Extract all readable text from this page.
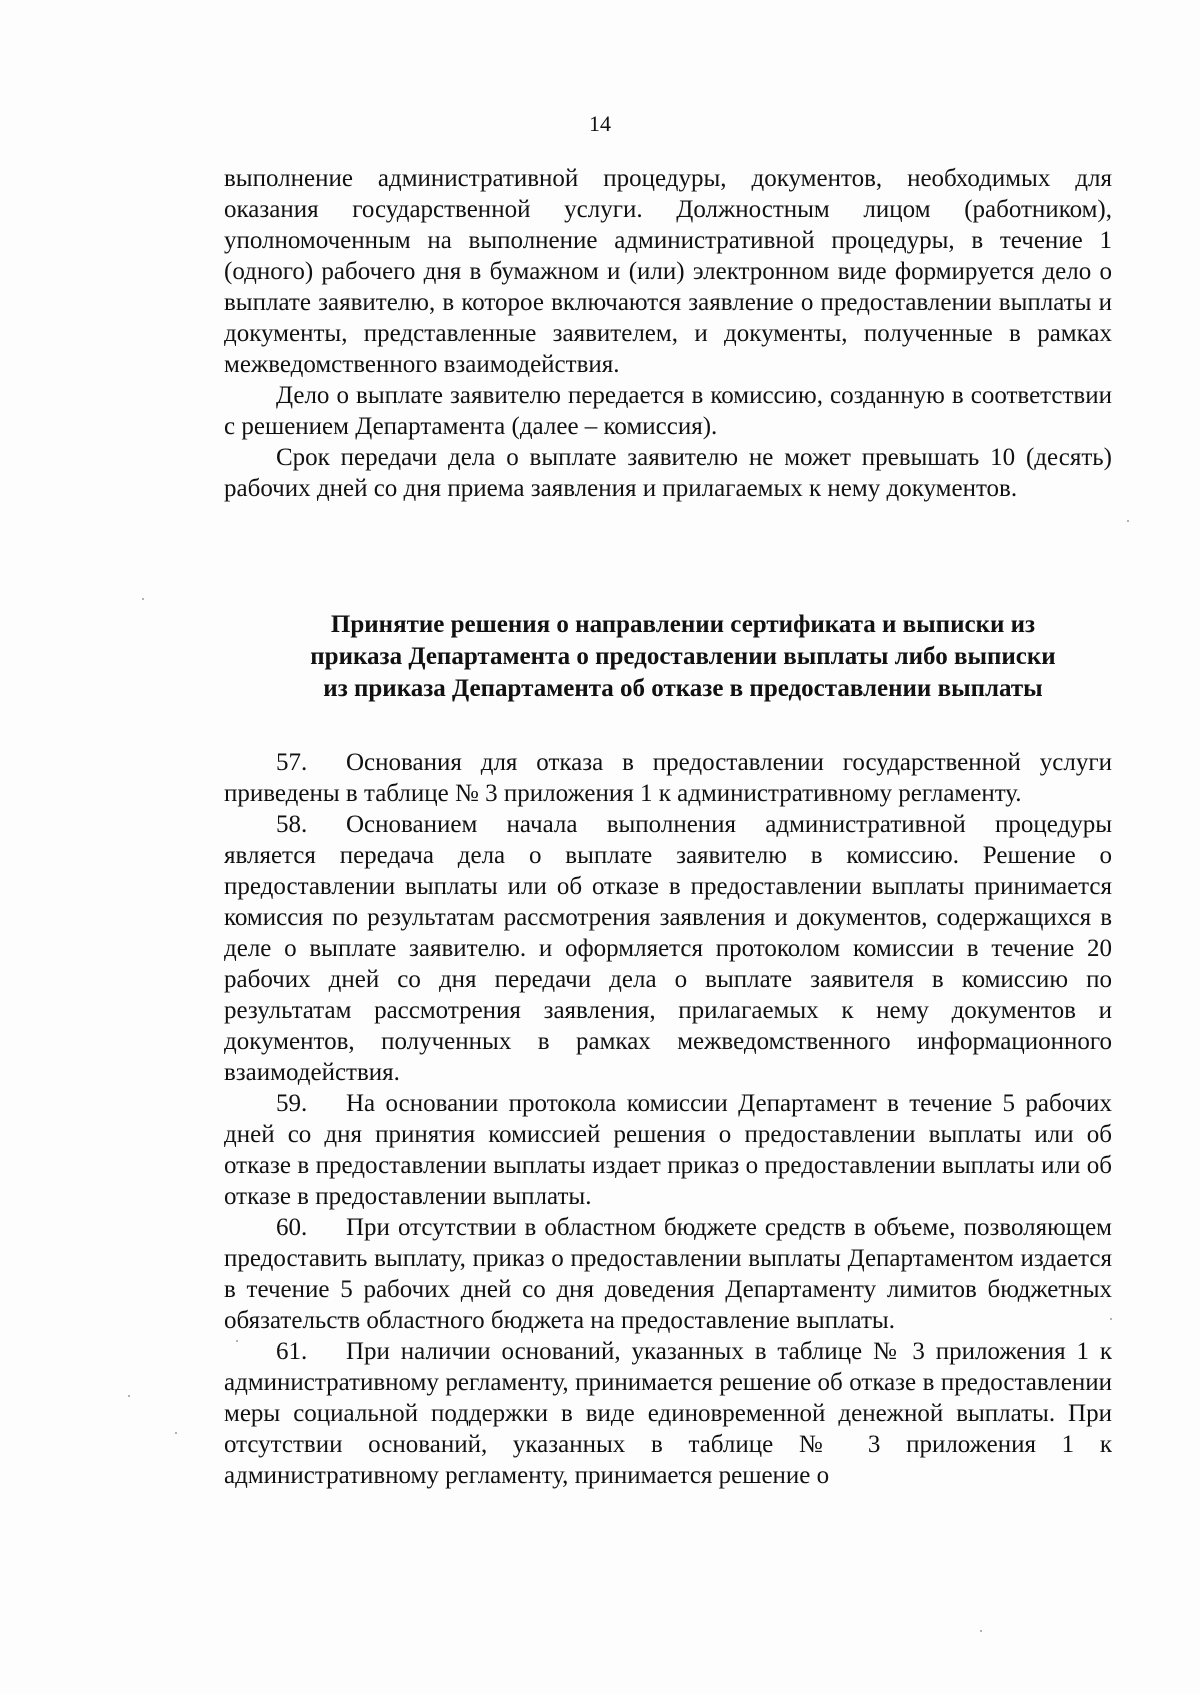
14

выполнение административной процедуры, документов, необходимых для оказания государственной услуги. Должностным лицом (работником), уполномоченным на выполнение административной процедуры, в течение 1 (одного) рабочего дня в бумажном и (или) электронном виде формируется дело о выплате заявителю, в которое включаются заявление о предоставлении выплаты и документы, представленные заявителем, и документы, полученные в рамках межведомственного взаимодействия.

Дело о выплате заявителю передается в комиссию, созданную в соответствии с решением Департамента (далее – комиссия).

Срок передачи дела о выплате заявителю не может превышать 10 (десять) рабочих дней со дня приема заявления и прилагаемых к нему документов.

Принятие решения о направлении сертификата и выписки из
приказа Департамента о предоставлении выплаты либо выписки
из приказа Департамента об отказе в предоставлении выплаты

57. Основания для отказа в предоставлении государственной услуги приведены в таблице № 3 приложения 1 к административному регламенту.

58. Основанием начала выполнения административной процедуры является передача дела о выплате заявителю в комиссию. Решение о предоставлении выплаты или об отказе в предоставлении выплаты принимается комиссия по результатам рассмотрения заявления и документов, содержащихся в деле о выплате заявителю. и оформляется протоколом комиссии в течение 20 рабочих дней со дня передачи дела о выплате заявителя в комиссию по результатам рассмотрения заявления, прилагаемых к нему документов и документов, полученных в рамках межведомственного информационного взаимодействия.

59. На основании протокола комиссии Департамент в течение 5 рабочих дней со дня принятия комиссией решения о предоставлении выплаты или об отказе в предоставлении выплаты издает приказ о предоставлении выплаты или об отказе в предоставлении выплаты.

60. При отсутствии в областном бюджете средств в объеме, позволяющем предоставить выплату, приказ о предоставлении выплаты Департаментом издается в течение 5 рабочих дней со дня доведения Департаменту лимитов бюджетных обязательств областного бюджета на предоставление выплаты.

61. При наличии оснований, указанных в таблице № 3 приложения 1 к административному регламенту, принимается решение об отказе в предоставлении меры социальной поддержки в виде единовременной денежной выплаты. При отсутствии оснований, указанных в таблице № 3 приложения 1 к административному регламенту, принимается решение о
